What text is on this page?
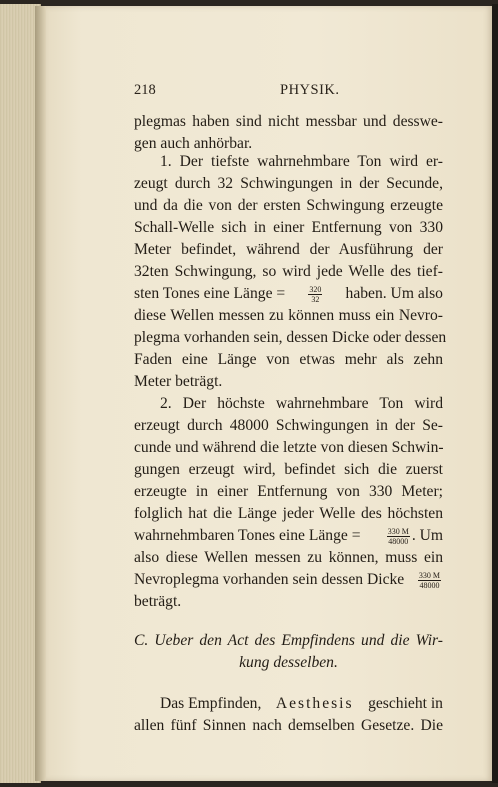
218	PHYSIK.
plegmas haben sind nicht messbar und desswe-
gen auch anhörbar.
1. Der tiefste wahrnehmbare Ton wird er-
zeugt durch 32 Schwingungen in der Secunde,
und da die von der ersten Schwingung erzeugte
Schall-Welle sich in einer Entfernung von 330
Meter befindet, während der Ausführung der
32ten Schwingung, so wird jede Welle des tief-
sten Tones eine Länge =	$\frac{320}{32}$ haben. Um also
diese Wellen messen zu können muss ein Nevro-
plegma vorhanden sein, dessen Dicke oder dessen
Faden eine Länge von etwas mehr als zehn
Meter beträgt.
2. Der höchste wahrnehmbare Ton wird
erzeugt durch 48000 Schwingungen in der Se-
cunde und während die letzte von diesen Schwin-
gungen erzeugt wird, befindet sich die zuerst
erzeugte in einer Entfernung von 330 Meter;
folglich hat die Länge jeder Welle des höchsten
wahrnehmbaren Tones eine Länge =	$\frac{330 M}{48000}$ . Um
also diese Wellen messen zu können, muss ein
Nevroplegma vorhanden sein dessen Dicke $\frac{330 M}{48000}$
beträgt.
C. Ueber den Act des Empfindens und die Wir-
kung desselben.
Das Empfinden, Aesthesis geschieht in
allen fünf Sinnen nach demselben Gesetze. Die
